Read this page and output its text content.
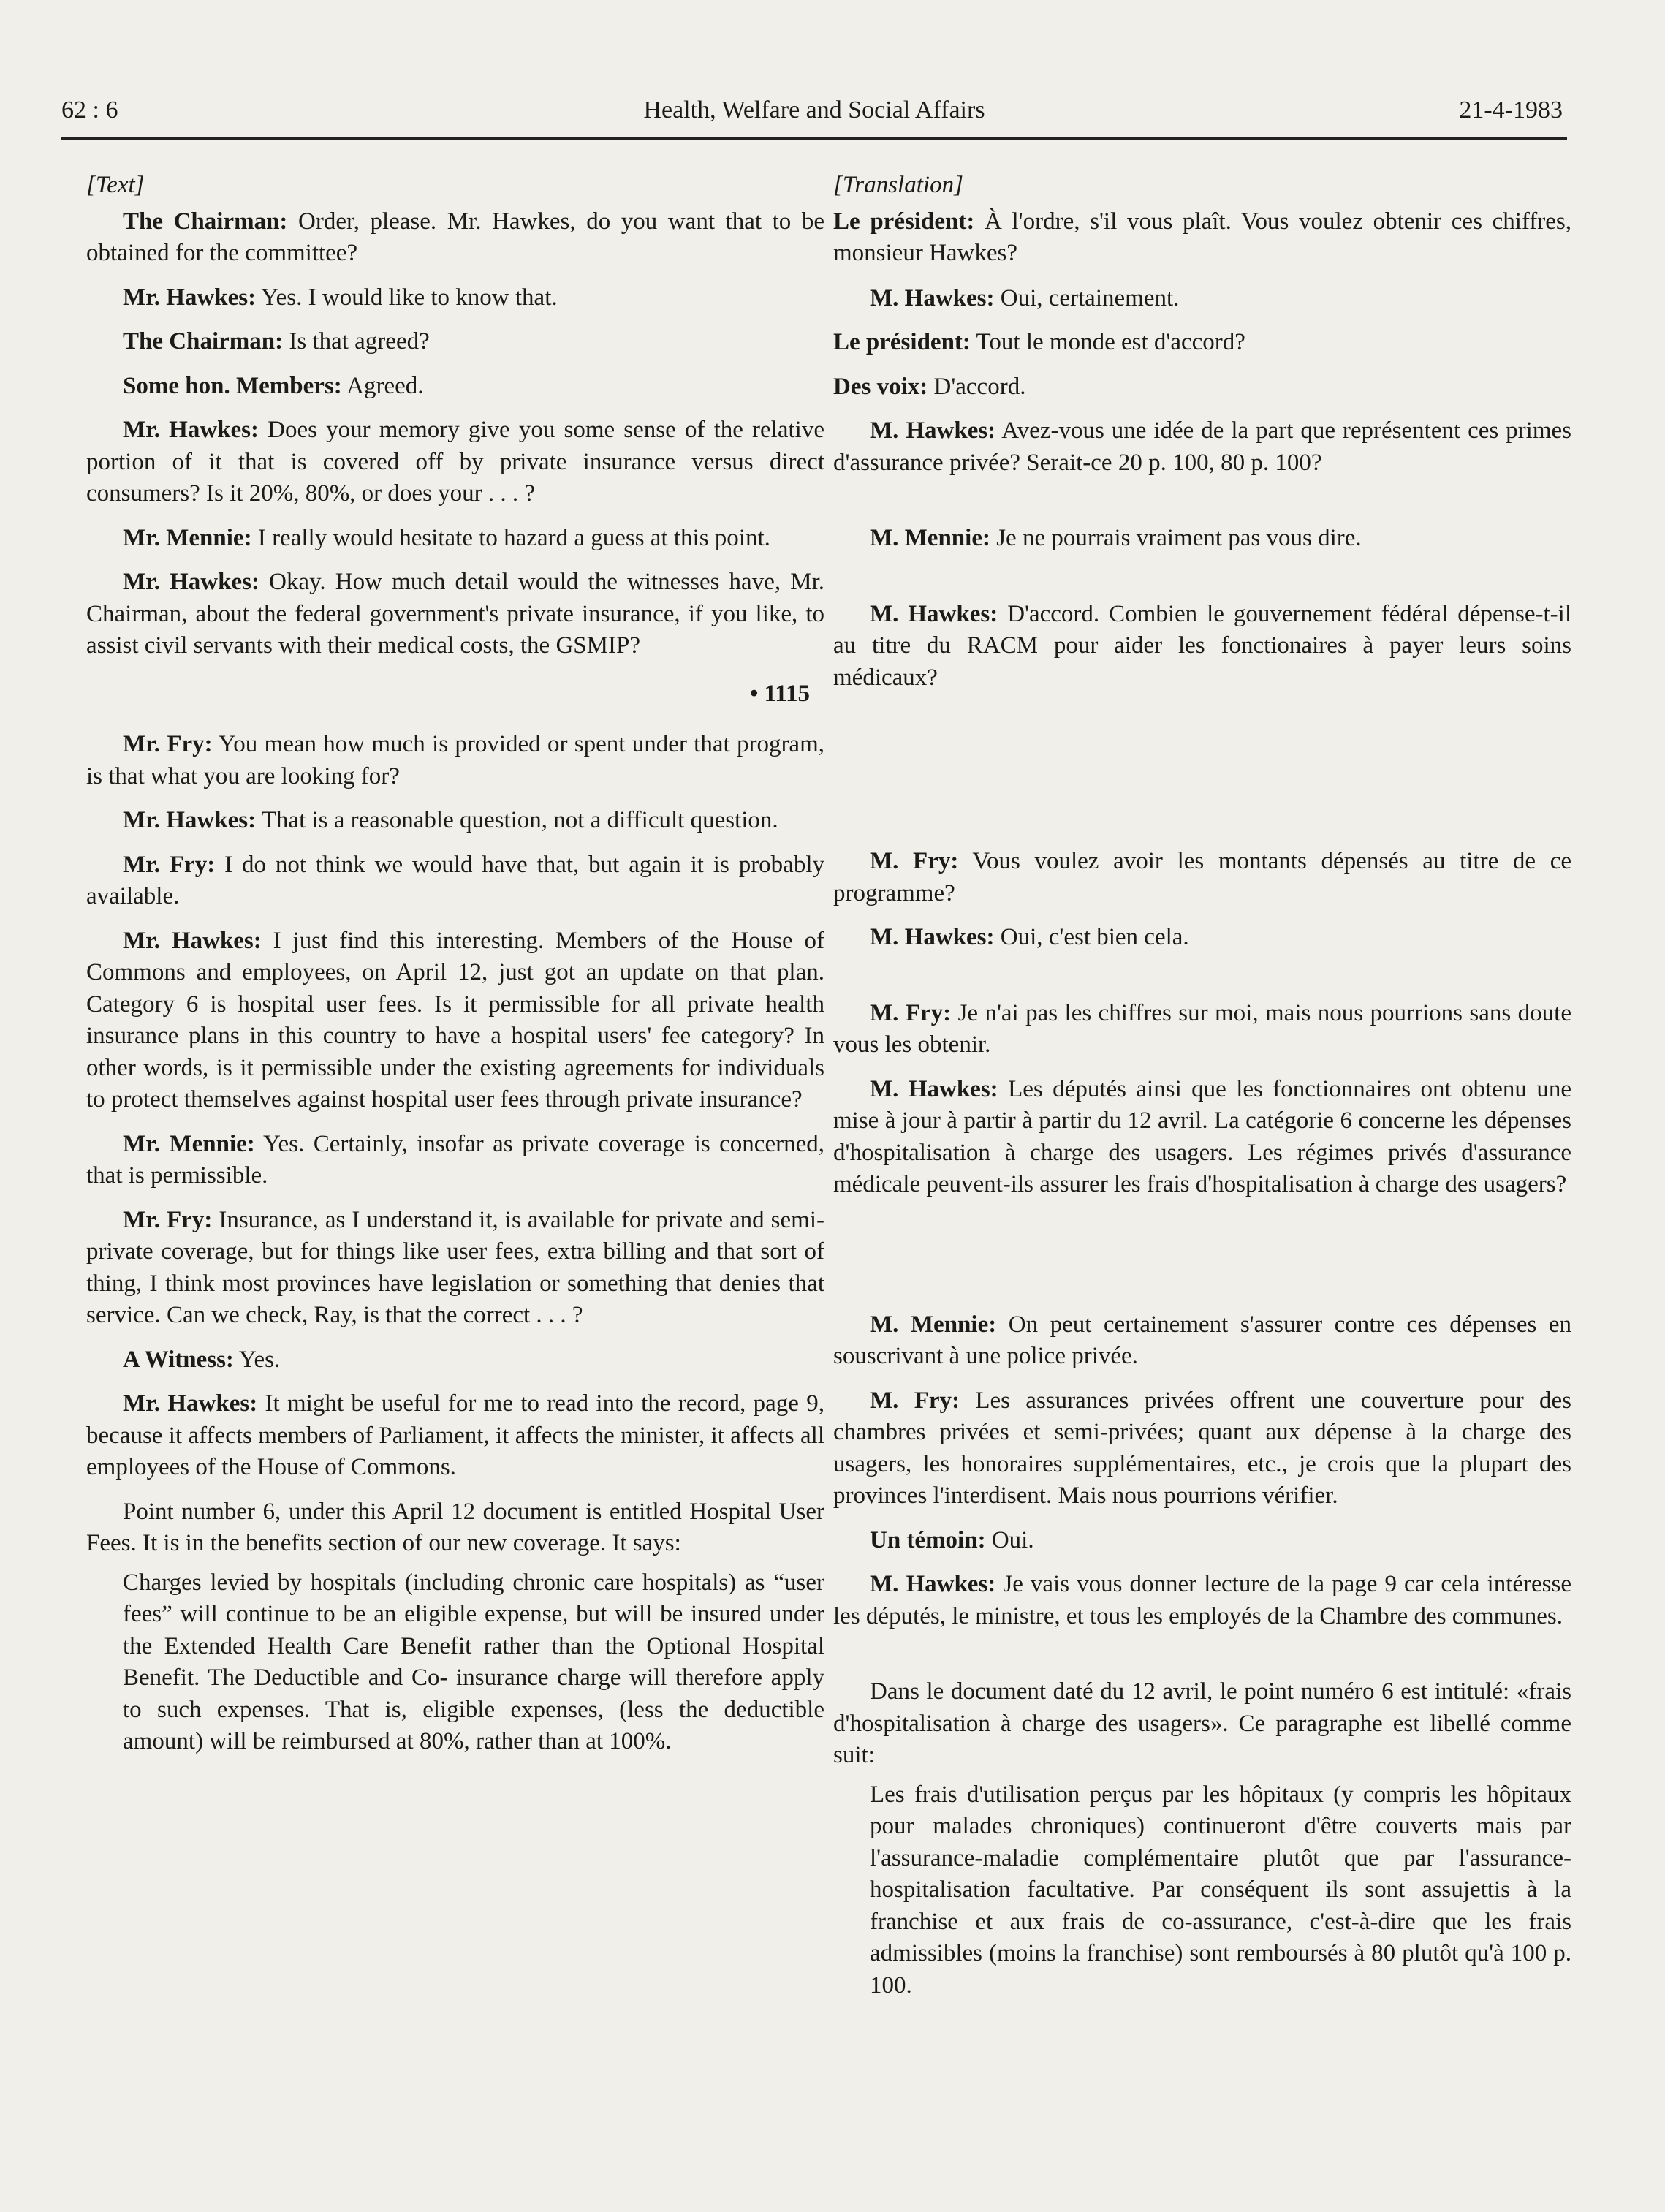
62 : 6	Health, Welfare and Social Affairs	21-4-1983

[Text]

The Chairman: Order, please. Mr. Hawkes, do you want that to be obtained for the committee?

Mr. Hawkes: Yes. I would like to know that.

The Chairman: Is that agreed?

Some hon. Members: Agreed.

Mr. Hawkes: Does your memory give you some sense of the relative portion of it that is covered off by private insurance versus direct consumers? Is it 20%, 80%, or does your . . . ?

Mr. Mennie: I really would hesitate to hazard a guess at this point.

Mr. Hawkes: Okay. How much detail would the witnesses have, Mr. Chairman, about the federal government's private insurance, if you like, to assist civil servants with their medical costs, the GSMIP?

• 1115

Mr. Fry: You mean how much is provided or spent under that program, is that what you are looking for?

Mr. Hawkes: That is a reasonable question, not a difficult question.

Mr. Fry: I do not think we would have that, but again it is probably available.

Mr. Hawkes: I just find this interesting. Members of the House of Commons and employees, on April 12, just got an update on that plan. Category 6 is hospital user fees. Is it permissible for all private health insurance plans in this country to have a hospital users' fee category? In other words, is it permissible under the existing agreements for individuals to protect themselves against hospital user fees through private insurance?

Mr. Mennie: Yes. Certainly, insofar as private coverage is concerned, that is permissible.

Mr. Fry: Insurance, as I understand it, is available for private and semi-private coverage, but for things like user fees, extra billing and that sort of thing, I think most provinces have legislation or something that denies that service. Can we check, Ray, is that the correct . . . ?

A Witness: Yes.

Mr. Hawkes: It might be useful for me to read into the record, page 9, because it affects members of Parliament, it affects the minister, it affects all employees of the House of Commons.

Point number 6, under this April 12 document is entitled Hospital User Fees. It is in the benefits section of our new coverage. It says:

Charges levied by hospitals (including chronic care hospitals) as “user fees” will continue to be an eligible expense, but will be insured under the Extended Health Care Benefit rather than the Optional Hospital Benefit. The Deductible and Co- insurance charge will therefore apply to such expenses. That is, eligible expenses, (less the deductible amount) will be reimbursed at 80%, rather than at 100%.

[Translation]

Le président: À l'ordre, s'il vous plaît. Vous voulez obtenir ces chiffres, monsieur Hawkes?

M. Hawkes: Oui, certainement.

Le président: Tout le monde est d'accord?

Des voix: D'accord.

M. Hawkes: Avez-vous une idée de la part que représentent ces primes d'assurance privée? Serait-ce 20 p. 100, 80 p. 100?

M. Mennie: Je ne pourrais vraiment pas vous dire.

M. Hawkes: D'accord. Combien le gouvernement fédéral dépense-t-il au titre du RACM pour aider les fonctionaires à payer leurs soins médicaux?

M. Fry: Vous voulez avoir les montants dépensés au titre de ce programme?

M. Hawkes: Oui, c'est bien cela.

M. Fry: Je n'ai pas les chiffres sur moi, mais nous pourrions sans doute vous les obtenir.

M. Hawkes: Les députés ainsi que les fonctionnaires ont obtenu une mise à jour à partir à partir du 12 avril. La catégorie 6 concerne les dépenses d'hospitalisation à charge des usagers. Les régimes privés d'assurance médicale peuvent-ils assurer les frais d'hospitalisation à charge des usagers?

M. Mennie: On peut certainement s'assurer contre ces dépenses en souscrivant à une police privée.

M. Fry: Les assurances privées offrent une couverture pour des chambres privées et semi-privées; quant aux dépense à la charge des usagers, les honoraires supplémentaires, etc., je crois que la plupart des provinces l'interdisent. Mais nous pourrions vérifier.

Un témoin: Oui.

M. Hawkes: Je vais vous donner lecture de la page 9 car cela intéresse les députés, le ministre, et tous les employés de la Chambre des communes.

Dans le document daté du 12 avril, le point numéro 6 est intitulé: «frais d'hospitalisation à charge des usagers». Ce paragraphe est libellé comme suit:

Les frais d'utilisation perçus par les hôpitaux (y compris les hôpitaux pour malades chroniques) continueront d'être couverts mais par l'assurance-maladie complémentaire plutôt que par l'assurance-hospitalisation facultative. Par conséquent ils sont assujettis à la franchise et aux frais de co-assurance, c'est-à-dire que les frais admissibles (moins la franchise) sont remboursés à 80 plutôt qu'à 100 p. 100.
